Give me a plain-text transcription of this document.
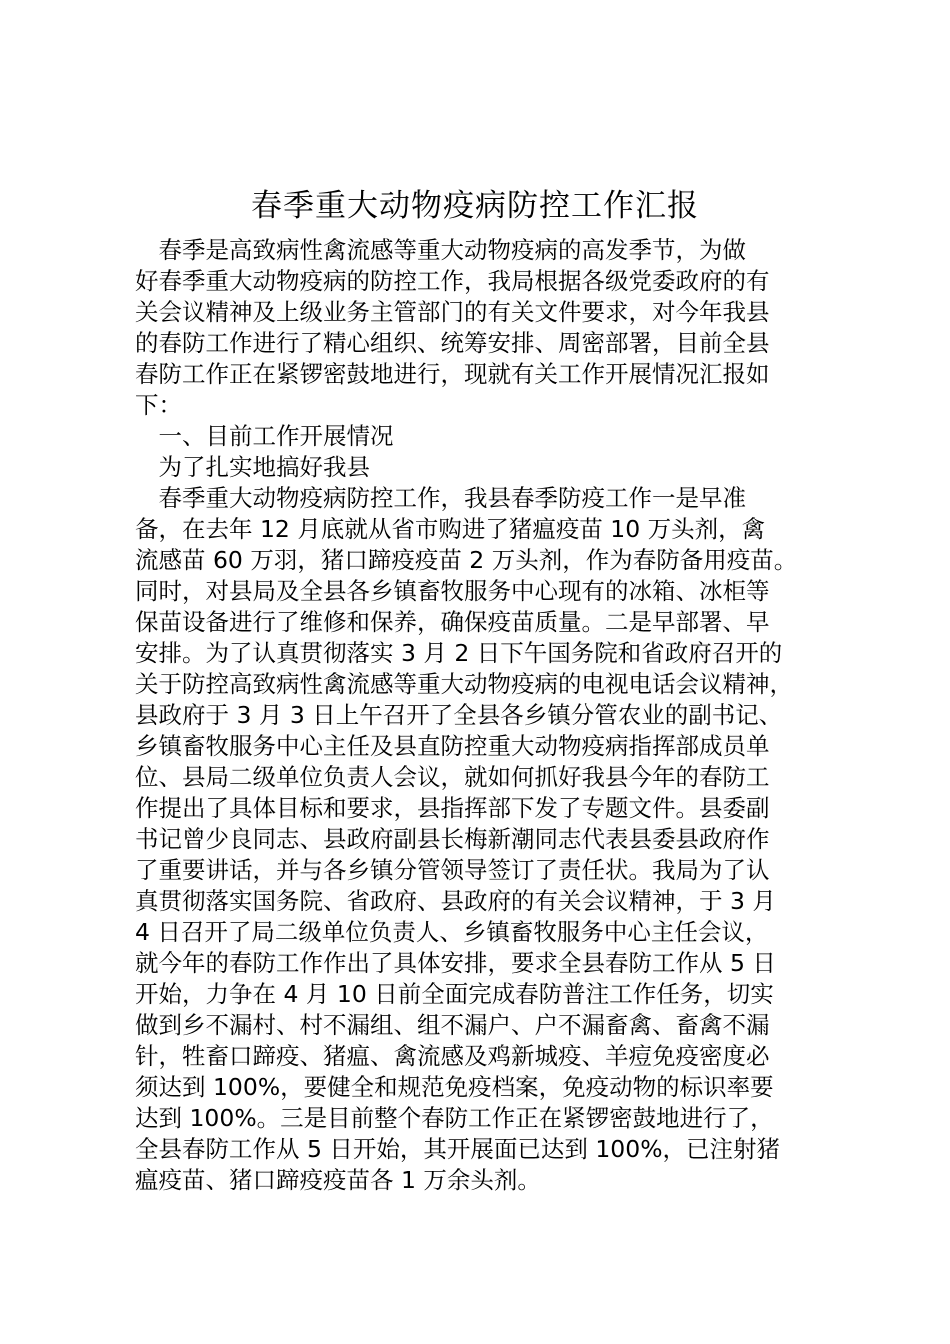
春季重大动物疫病防控工作汇报

　春季是高致病性禽流感等重大动物疫病的高发季节，为做

好春季重大动物疫病的防控工作，我局根据各级党委政府的有

关会议精神及上级业务主管部门的有关文件要求，对今年我县

的春防工作进行了精心组织、统筹安排、周密部署，目前全县

春防工作正在紧锣密鼓地进行，现就有关工作开展情况汇报如

下：

　一、目前工作开展情况

　为了扎实地搞好我县

　春季重大动物疫病防控工作，我县春季防疫工作一是早准

备，在去年 12 月底就从省市购进了猪瘟疫苗 10 万头剂，禽

流感苗 60 万羽，猪口蹄疫疫苗 2 万头剂，作为春防备用疫苗。

同时，对县局及全县各乡镇畜牧服务中心现有的冰箱、冰柜等

保苗设备进行了维修和保养，确保疫苗质量。二是早部署、早

安排。为了认真贯彻落实 3 月 2 日下午国务院和省政府召开的

关于防控高致病性禽流感等重大动物疫病的电视电话会议精神，

县政府于 3 月 3 日上午召开了全县各乡镇分管农业的副书记、

乡镇畜牧服务中心主任及县直防控重大动物疫病指挥部成员单

位、县局二级单位负责人会议，就如何抓好我县今年的春防工

作提出了具体目标和要求，县指挥部下发了专题文件。县委副

书记曾少良同志、县政府副县长梅新潮同志代表县委县政府作

了重要讲话，并与各乡镇分管领导签订了责任状。我局为了认

真贯彻落实国务院、省政府、县政府的有关会议精神，于 3 月

4 日召开了局二级单位负责人、乡镇畜牧服务中心主任会议，

就今年的春防工作作出了具体安排，要求全县春防工作从 5 日

开始，力争在 4 月 10 日前全面完成春防普注工作任务，切实

做到乡不漏村、村不漏组、组不漏户、户不漏畜禽、畜禽不漏

针，牲畜口蹄疫、猪瘟、禽流感及鸡新城疫、羊痘免疫密度必

须达到 100%，要健全和规范免疫档案，免疫动物的标识率要

达到 100%。三是目前整个春防工作正在紧锣密鼓地进行了，

全县春防工作从 5 日开始，其开展面已达到 100%，已注射猪

瘟疫苗、猪口蹄疫疫苗各 1 万余头剂。
